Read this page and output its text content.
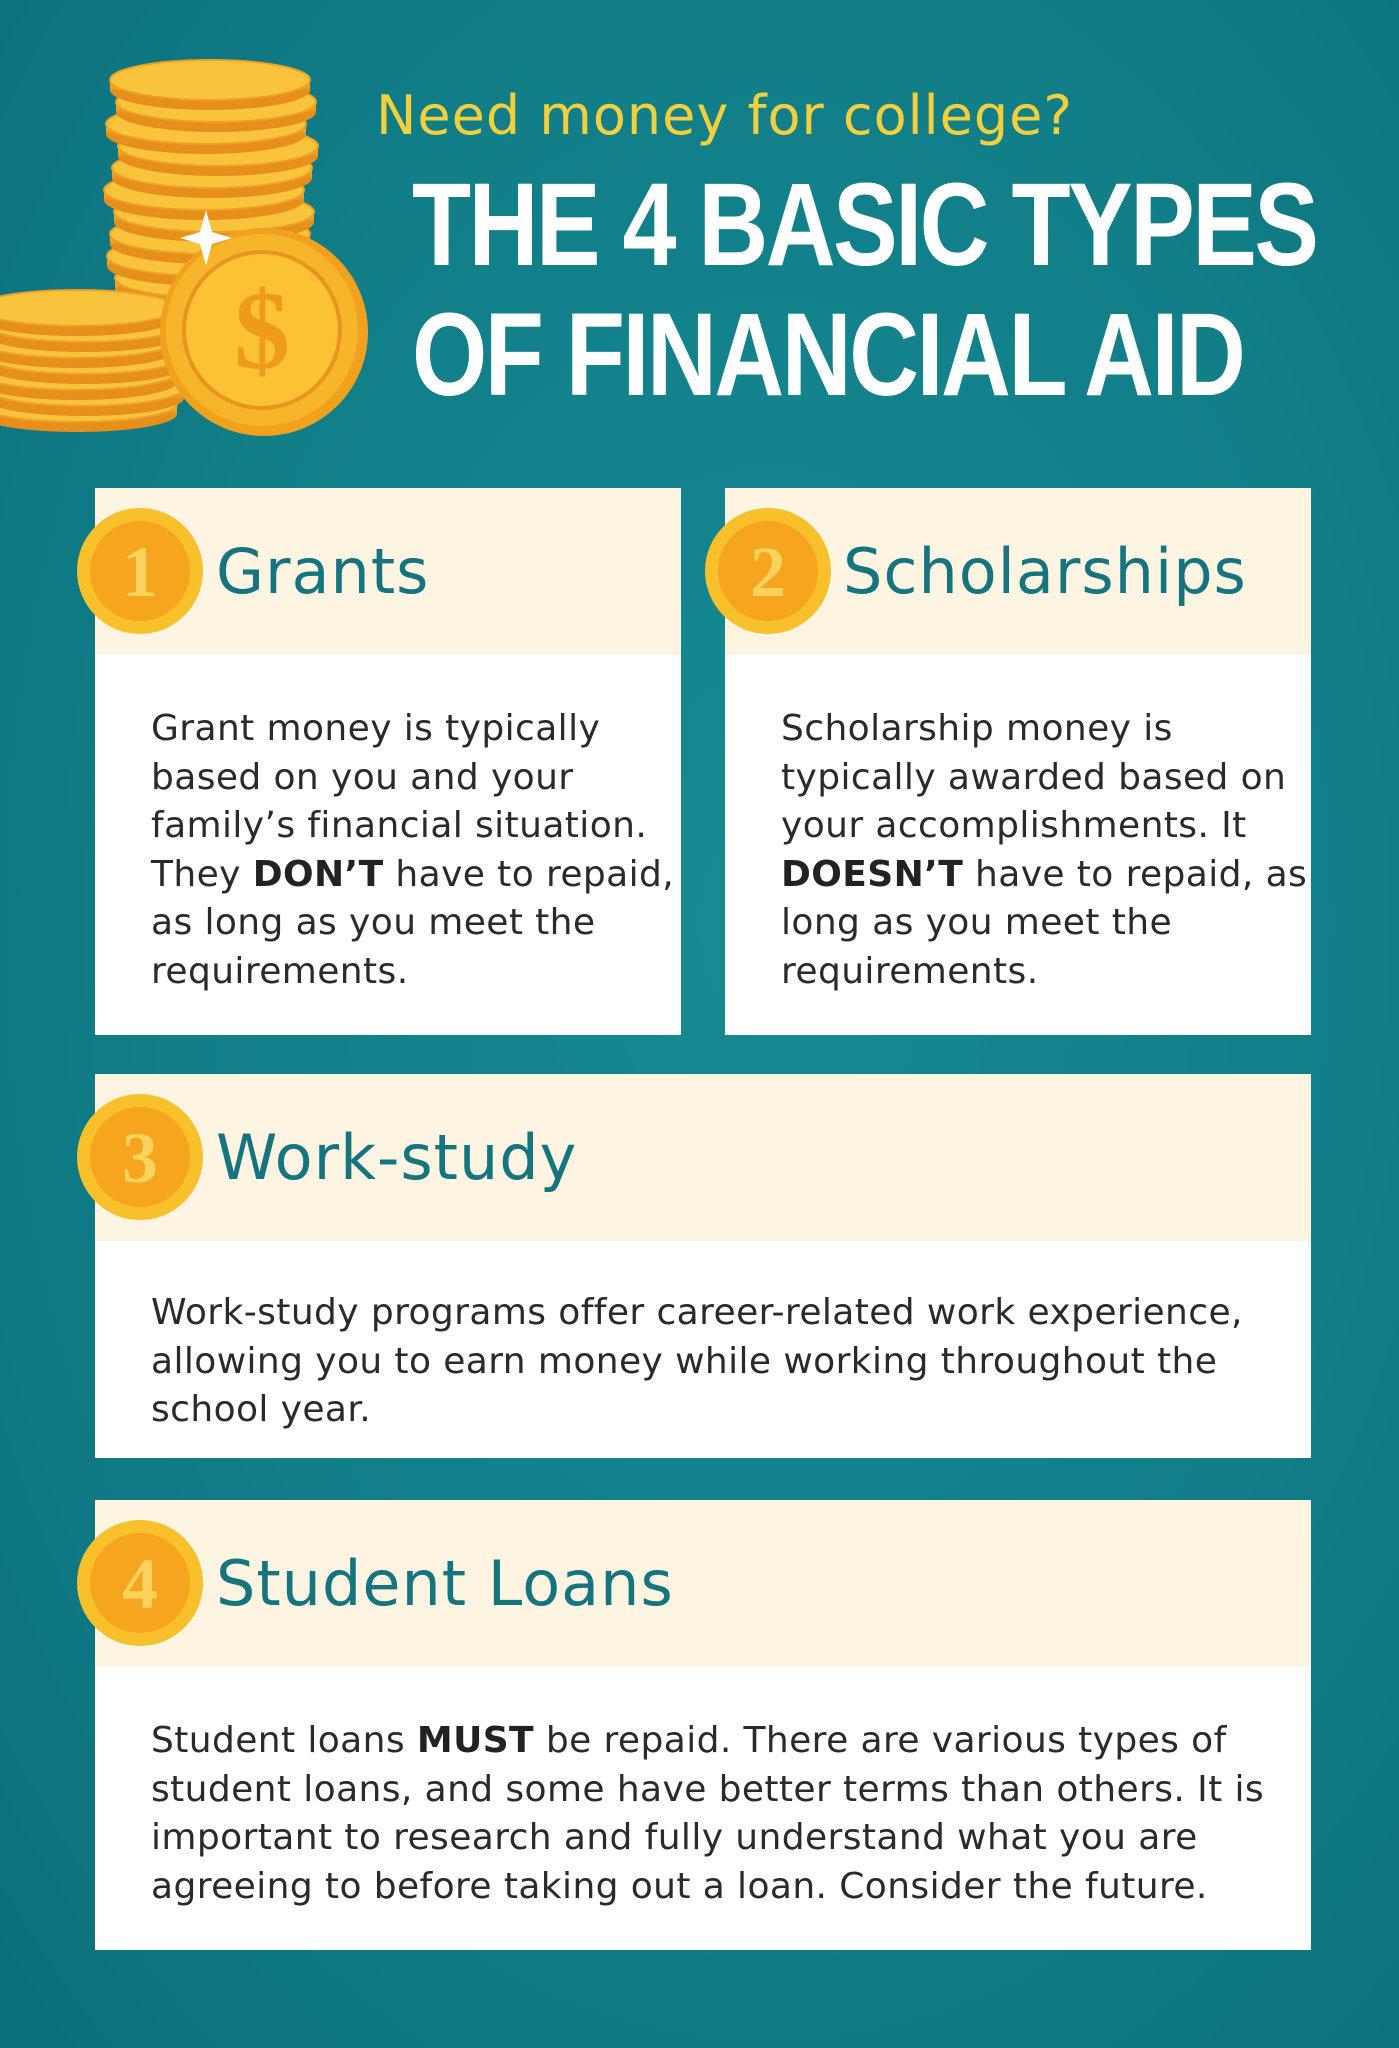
$
Need money for college?
THE 4 BASIC TYPES
OF FINANCIAL AID
Grants
Grant money is typically
based on you and your
family’s financial situation.
They DON’T have to repaid,
as long as you meet the
requirements.
Scholarships
Scholarship money is
typically awarded based on
your accomplishments. It
DOESN’T have to repaid, as
long as you meet the
requirements.
Work-study
Work-study programs offer career-related work experience,
allowing you to earn money while working throughout the
school year.
Student Loans
Student loans MUST be repaid. There are various types of
student loans, and some have better terms than others. It is
important to research and fully understand what you are
agreeing to before taking out a loan. Consider the future.
1	2
3
4
